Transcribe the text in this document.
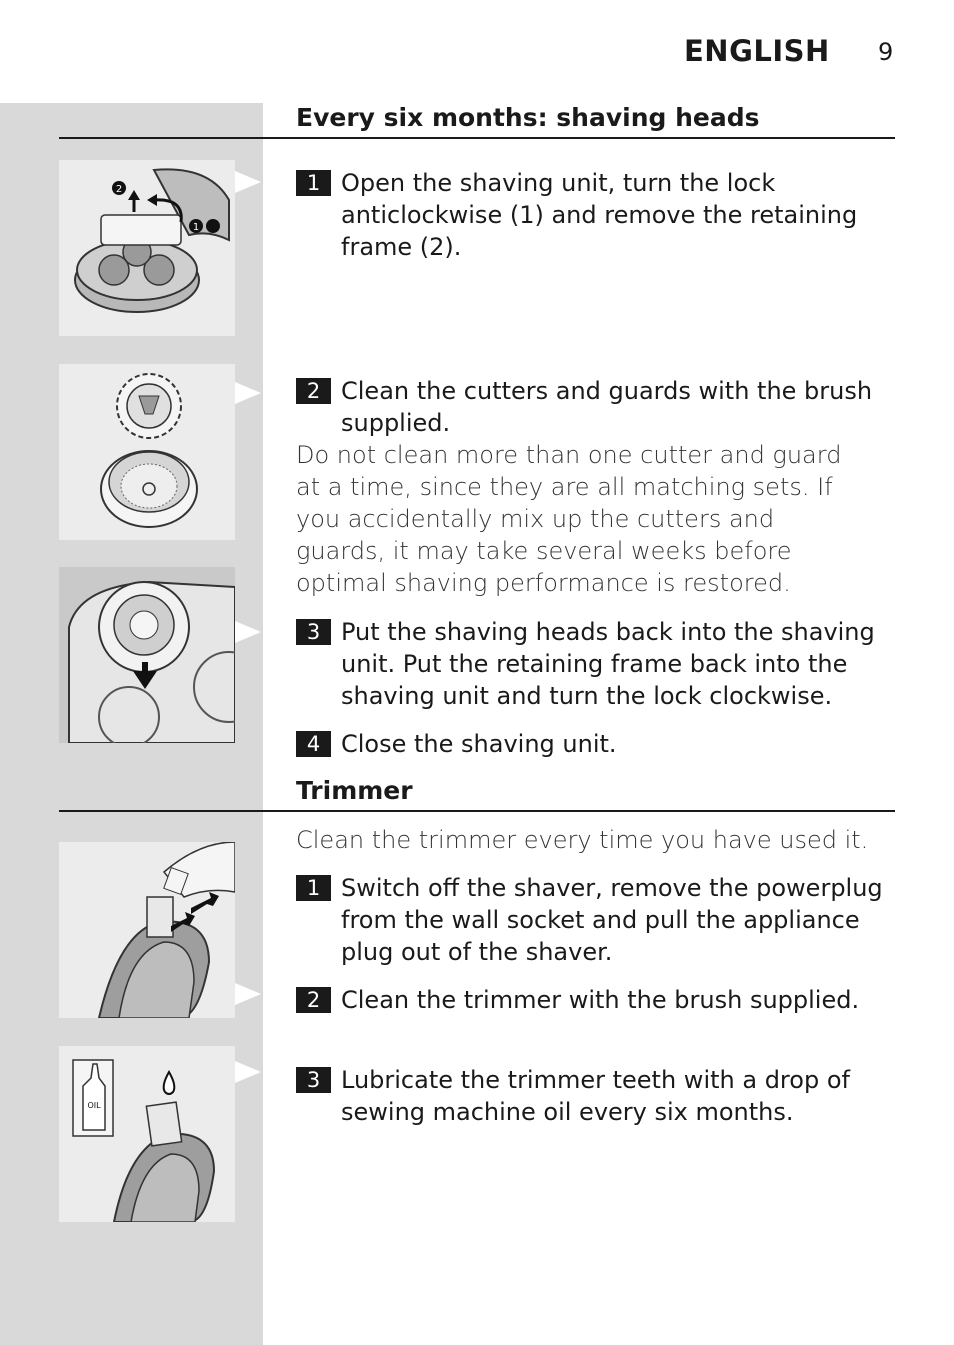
ENGLISH 9
Every six months: shaving heads
2
1
1 Open the shaving unit, turn the lock anticlockwise (1) and remove the retaining frame (2).
2 Clean the cutters and guards with the brush supplied.
Do not clean more than one cutter and guard at a time, since they are all matching sets. If you accidentally mix up the cutters and guards, it may take several weeks before optimal shaving performance is restored.
3 Put the shaving heads back into the shaving unit. Put the retaining frame back into the shaving unit and turn the lock clockwise.
4 Close the shaving unit.
Trimmer
Clean the trimmer every time you have used it.
1 Switch off the shaver, remove the powerplug from the wall socket and pull the appliance plug out of the shaver.
2 Clean the trimmer with the brush supplied.
OIL
3 Lubricate the trimmer teeth with a drop of sewing machine oil every six months.
